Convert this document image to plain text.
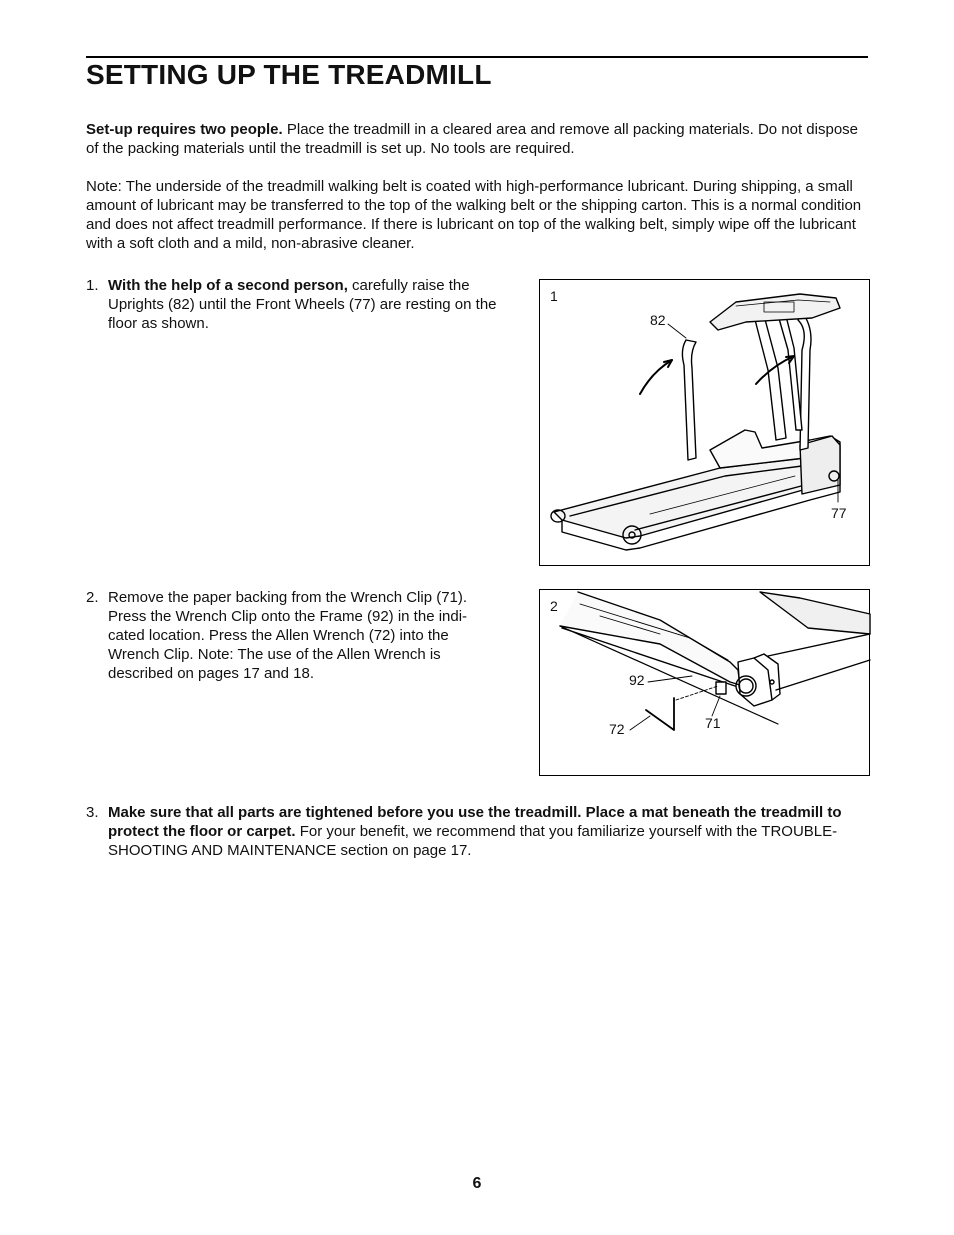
SETTING UP THE TREADMILL

Set-up requires two people. Place the treadmill in a cleared area and remove all packing materials. Do not dispose of the packing materials until the treadmill is set up. No tools are required.

Note: The underside of the treadmill walking belt is coated with high-performance lubricant. During shipping, a small amount of lubricant may be transferred to the top of the walking belt or the shipping carton. This is a normal condition and does not affect treadmill performance. If there is lubricant on top of the walking belt, simply wipe off the lubricant with a soft cloth and a mild, non-abrasive cleaner.

1. With the help of a second person, carefully raise the Uprights (82) until the Front Wheels (77) are resting on the floor as shown.

1
82
77
2. Remove the paper backing from the Wrench Clip (71). Press the Wrench Clip onto the Frame (92) in the indi-cated location. Press the Allen Wrench (72) into the Wrench Clip. Note: The use of the Allen Wrench is described on pages 17 and 18.

2
92
72	71
3. Make sure that all parts are tightened before you use the treadmill. Place a mat beneath the treadmill to protect the floor or carpet. For your benefit, we recommend that you familiarize yourself with the TROUBLE-SHOOTING AND MAINTENANCE section on page 17.

6
